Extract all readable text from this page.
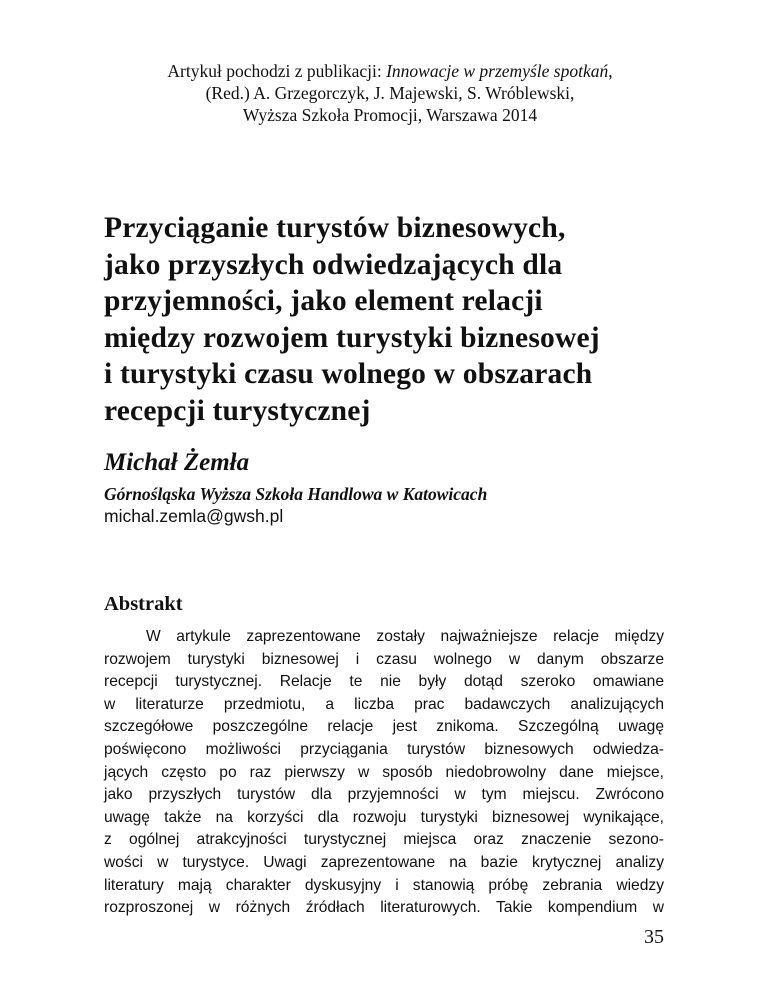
Artykuł pochodzi z publikacji: Innowacje w przemyśle spotkań,
(Red.) A. Grzegorczyk, J. Majewski, S. Wróblewski,
Wyższa Szkoła Promocji, Warszawa 2014
Przyciąganie turystów biznesowych,
jako przyszłych odwiedzających dla
przyjemności, jako element relacji
między rozwojem turystyki biznesowej
i turystyki czasu wolnego w obszarach
recepcji turystycznej
Michał Żemła
Górnośląska Wyższa Szkoła Handlowa w Katowicach
michal.zemla@gwsh.pl
Abstrakt
W artykule zaprezentowane zostały najważniejsze relacje między
rozwojem turystyki biznesowej i czasu wolnego w danym obszarze
recepcji turystycznej. Relacje te nie były dotąd szeroko omawiane
w literaturze przedmiotu, a liczba prac badawczych analizujących
szczegółowe poszczególne relacje jest znikoma. Szczególną uwagę
poświęcono możliwości przyciągania turystów biznesowych odwiedza-
jących często po raz pierwszy w sposób niedobrowolny dane miejsce,
jako przyszłych turystów dla przyjemności w tym miejscu. Zwrócono
uwagę także na korzyści dla rozwoju turystyki biznesowej wynikające,
z ogólnej atrakcyjności turystycznej miejsca oraz znaczenie sezono-
wości w turystyce. Uwagi zaprezentowane na bazie krytycznej analizy
literatury mają charakter dyskusyjny i stanowią próbę zebrania wiedzy
rozproszonej w różnych źródłach literaturowych. Takie kompendium w
35
